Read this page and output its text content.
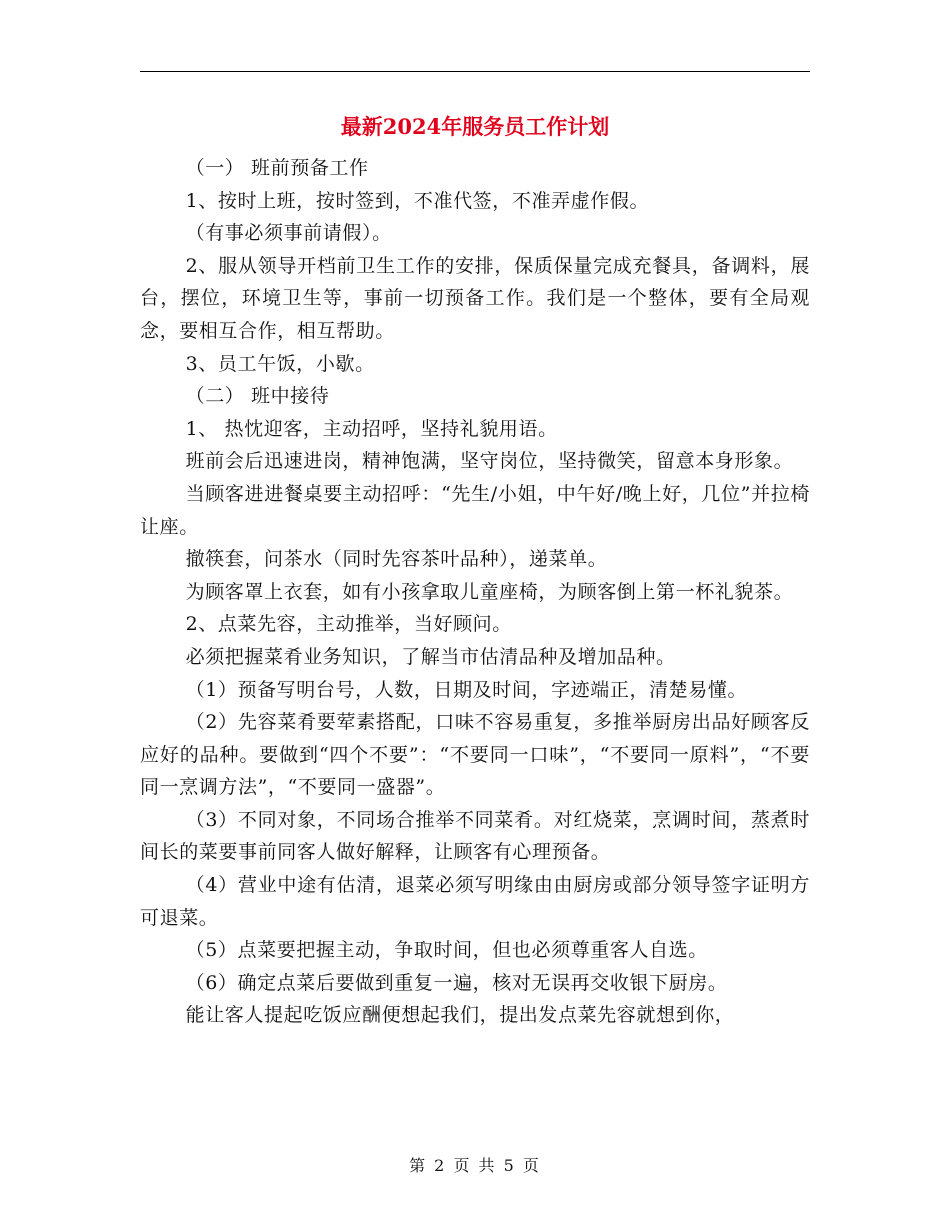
最新2024年服务员工作计划

（一） 班前预备工作

1、按时上班，按时签到，不准代签，不准弄虚作假。

（有事必须事前请假）。

2、服从领导开档前卫生工作的安排，保质保量完成充餐具，备调料，展台，摆位，环境卫生等，事前一切预备工作。我们是一个整体，要有全局观念，要相互合作，相互帮助。

3、员工午饭，小歇。

（二） 班中接待

1、 热忱迎客，主动招呼，坚持礼貌用语。

班前会后迅速进岗，精神饱满，坚守岗位，坚持微笑，留意本身形象。

当顾客进进餐桌要主动招呼：“先生/小姐，中午好/晚上好，几位”并拉椅让座。

撤筷套，问茶水（同时先容茶叶品种），递菜单。

为顾客罩上衣套，如有小孩拿取儿童座椅，为顾客倒上第一杯礼貌茶。

2、点菜先容，主动推举，当好顾问。

必须把握菜肴业务知识，了解当市估清品种及增加品种。

（1）预备写明台号，人数，日期及时间，字迹端正，清楚易懂。

（2）先容菜肴要荤素搭配，口味不容易重复，多推举厨房出品好顾客反应好的品种。要做到“四个不要”：“不要同一口味”，“不要同一原料”，“不要同一烹调方法”，“不要同一盛器”。

（3）不同对象，不同场合推举不同菜肴。对红烧菜，烹调时间，蒸煮时间长的菜要事前同客人做好解释，让顾客有心理预备。

（4）营业中途有估清，退菜必须写明缘由由厨房或部分领导签字证明方可退菜。

（5）点菜要把握主动，争取时间，但也必须尊重客人自选。

（6）确定点菜后要做到重复一遍，核对无误再交收银下厨房。

能让客人提起吃饭应酬便想起我们，提出发点菜先容就想到你，

第 2 页 共 5 页
